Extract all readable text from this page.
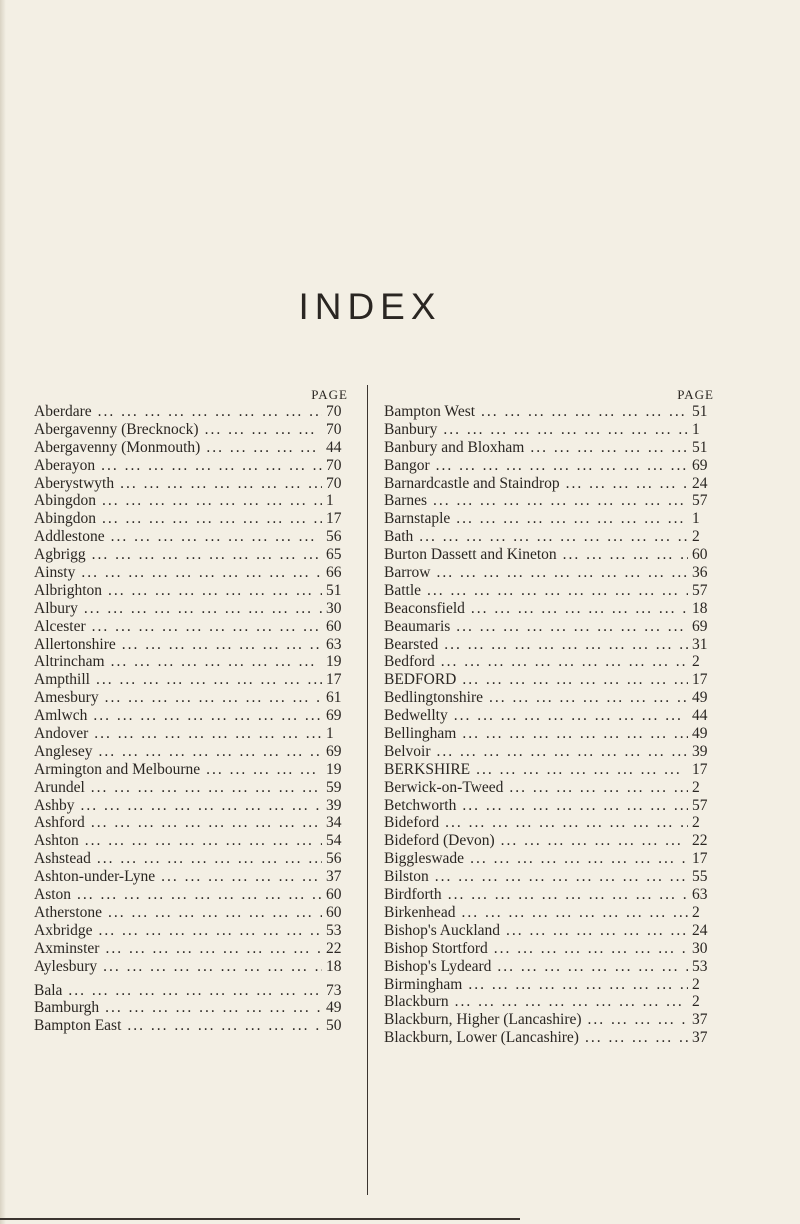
INDEX
PAGE
Aberdare ... .	70
Abergavenny (Brecknock) ... .	70
Abergavenny (Monmouth) ... .	44
Aberayon ... .	70
Aberystwyth ... .	70
Abingdon ... .	1
Abingdon ... .	17
Addlestone ... .	56
Agbrigg ... .	65
Ainsty ... .	66
Albrighton ... .	51
Albury ... .	30
Alcester ... .	60
Allertonshire ... .	63
Altrincham ... .	19
Ampthill ... .	17
Amesbury ... .	61
Amlwch ... .	69
Andover ... .	1
Anglesey ... .	69
Armington and Melbourne ... .	19
Arundel ... .	59
Ashby ... .	39
Ashford ... .	34
Ashton ... .	54
Ashstead ... .	56
Ashton-under-Lyne ... .	37
Aston ... .	60
Atherstone ... .	60
Axbridge ... .	53
Axminster ... .	22
Aylesbury ... .	18
Bala ... .	73
Bamburgh ... .	49
Bampton East ... .	50
PAGE
Bampton West ... .	51
Banbury ... .	1
Banbury and Bloxham ... .	51
Bangor ... .	69
Barnardcastle and Staindrop ... .	24
Barnes ... .	57
Barnstaple ... .	1
Bath ... .	2
Burton Dassett and Kineton ... .	60
Barrow ... .	36
Battle ... .	57
Beaconsfield ... .	18
Beaumaris ... .	69
Bearsted ... .	31
Bedford ... .	2
BEDFORD ... .	17
Bedlingtonshire ... .	49
Bedwellty ... .	44
Bellingham ... .	49
Belvoir ... .	39
BERKSHIRE ... .	17
Berwick-on-Tweed ... .	2
Betchworth ... .	57
Bideford ... .	2
Bideford (Devon) ... .	22
Biggleswade ... .	17
Bilston ... .	55
Birdforth ... .	63
Birkenhead ... .	2
Bishop's Auckland ... .	24
Bishop Stortford ... .	30
Bishop's Lydeard ... .	53
Birmingham ... .	2
Blackburn ... .	2
Blackburn, Higher (Lancashire) ... .	37
Blackburn, Lower (Lancashire) ... .	37
